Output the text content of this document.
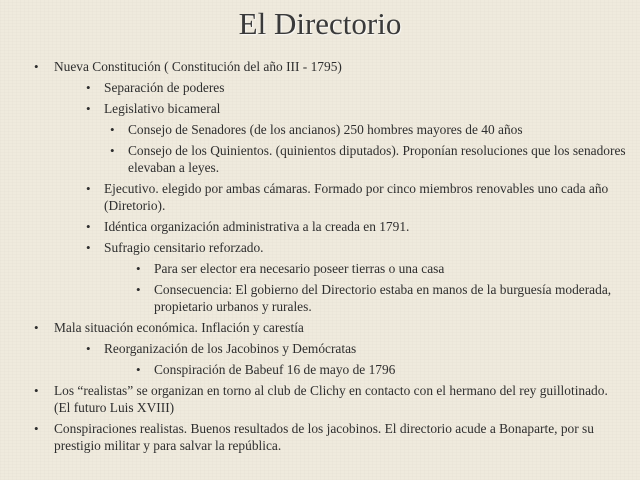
El Directorio
• Nueva Constitución ( Constitución del año III - 1795)
• Separación de poderes
• Legislativo bicameral
• Consejo de Senadores (de los ancianos) 250 hombres mayores de 40 años
• Consejo de los Quinientos. (quinientos diputados). Proponían resoluciones que los senadores elevaban a leyes.
• Ejecutivo. elegido por ambas cámaras. Formado por cinco miembros renovables uno cada año (Diretorio).
• Idéntica organización administrativa a la creada en 1791.
• Sufragio censitario reforzado.
• Para ser elector era necesario poseer tierras o una casa
• Consecuencia: El gobierno del Directorio estaba en manos de la burguesía moderada, propietario urbanos y rurales.
• Mala situación económica. Inflación y carestía
• Reorganización de los Jacobinos y Demócratas
• Conspiración de Babeuf 16 de mayo de 1796
• Los “realistas” se organizan en torno al club de Clichy en contacto con el hermano del rey guillotinado. (El futuro Luis XVIII)
• Conspiraciones realistas. Buenos resultados de los jacobinos. El directorio acude a Bonaparte, por su prestigio militar y para salvar la república.
